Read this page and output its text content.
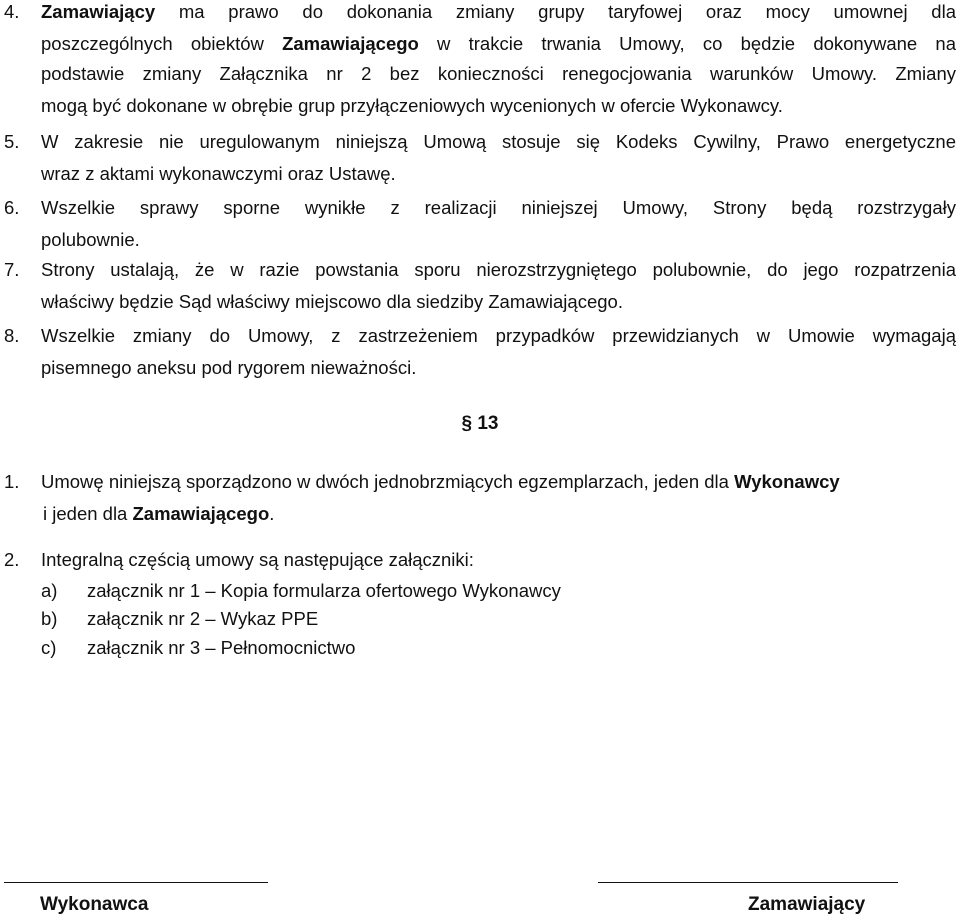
4. Zamawiający ma prawo do dokonania zmiany grupy taryfowej oraz mocy umownej dla
poszczególnych obiektów Zamawiającego w trakcie trwania Umowy, co będzie dokonywane na
podstawie zmiany Załącznika nr 2 bez konieczności renegocjowania warunków Umowy. Zmiany
mogą być dokonane w obrębie grup przyłączeniowych wycenionych w ofercie Wykonawcy.
5. W zakresie nie uregulowanym niniejszą Umową stosuje się Kodeks Cywilny, Prawo energetyczne
wraz z aktami wykonawczymi oraz Ustawę.
6. Wszelkie sprawy sporne wynikłe z realizacji niniejszej Umowy, Strony będą rozstrzygały
polubownie.
7. Strony ustalają, że w razie powstania sporu nierozstrzygniętego polubownie, do jego rozpatrzenia
właściwy będzie Sąd właściwy miejscowo dla siedziby Zamawiającego.
8. Wszelkie zmiany do Umowy, z zastrzeżeniem przypadków przewidzianych w Umowie wymagają
pisemnego aneksu pod rygorem nieważności.
§ 13
1. Umowę niniejszą sporządzono w dwóch jednobrzmiących egzemplarzach, jeden dla Wykonawcy
i jeden dla Zamawiającego.
2. Integralną częścią umowy są następujące załączniki:
a) załącznik nr 1 – Kopia formularza ofertowego Wykonawcy
b) załącznik nr 2 – Wykaz PPE
c) załącznik nr 3 – Pełnomocnictwo
Wykonawca	Zamawiający
